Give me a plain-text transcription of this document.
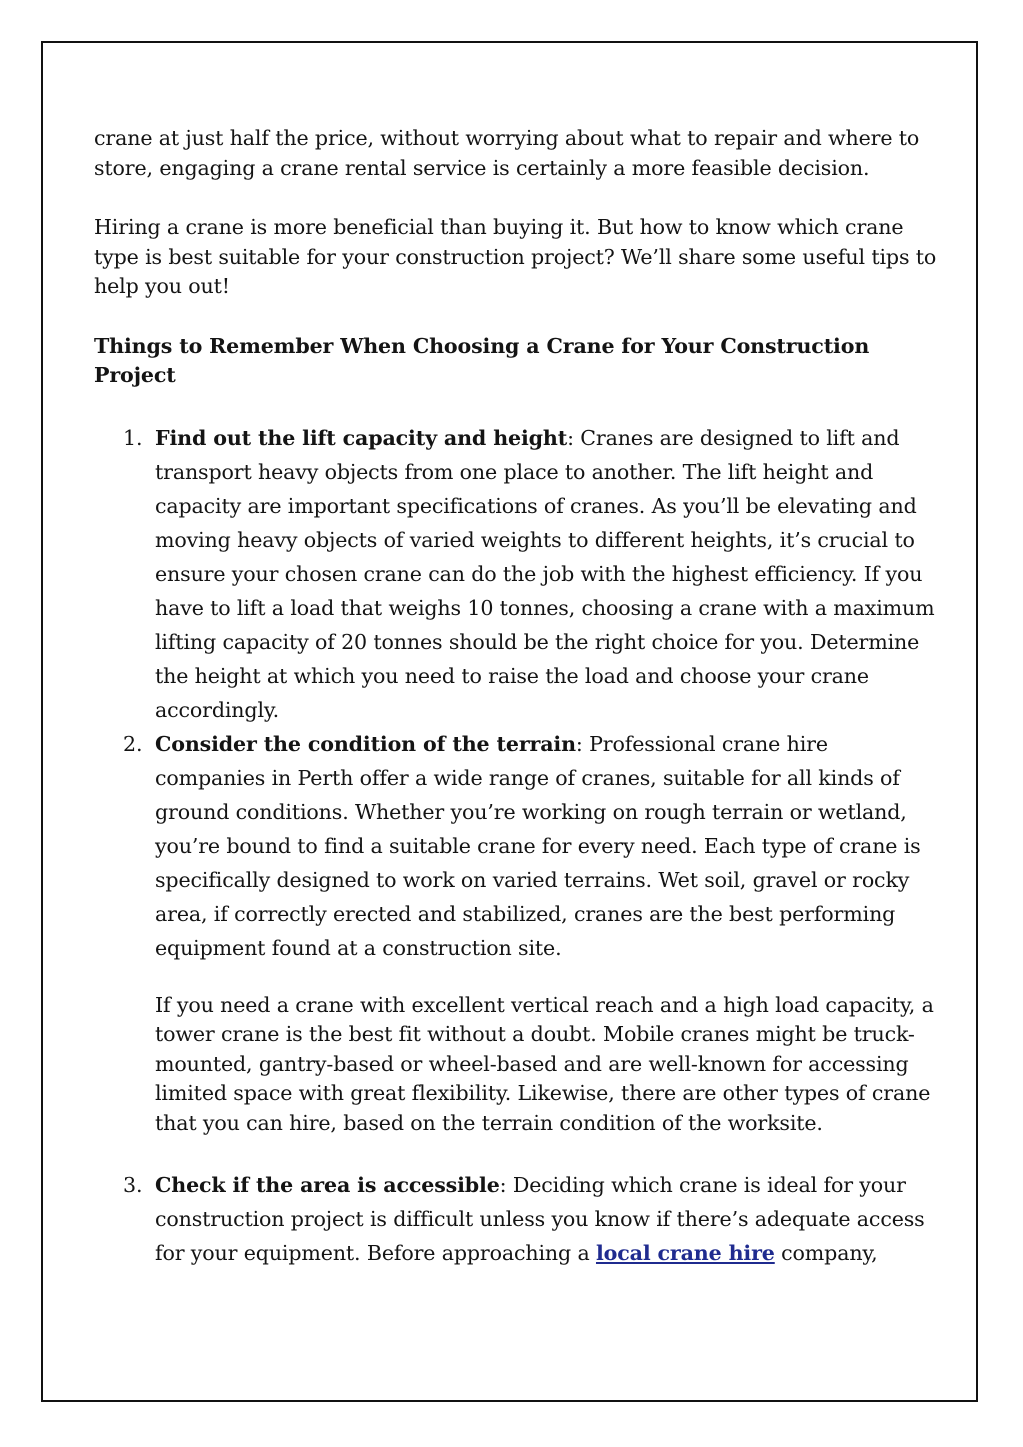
crane at just half the price, without worrying about what to repair and where to store, engaging a crane rental service is certainly a more feasible decision.

Hiring a crane is more beneficial than buying it. But how to know which crane type is best suitable for your construction project? We’ll share some useful tips to help you out!

Things to Remember When Choosing a Crane for Your Construction Project

1. Find out the lift capacity and height: Cranes are designed to lift and transport heavy objects from one place to another. The lift height and capacity are important specifications of cranes. As you’ll be elevating and moving heavy objects of varied weights to different heights, it’s crucial to ensure your chosen crane can do the job with the highest efficiency. If you have to lift a load that weighs 10 tonnes, choosing a crane with a maximum lifting capacity of 20 tonnes should be the right choice for you. Determine the height at which you need to raise the load and choose your crane accordingly.
2. Consider the condition of the terrain: Professional crane hire companies in Perth offer a wide range of cranes, suitable for all kinds of ground conditions. Whether you’re working on rough terrain or wetland, you’re bound to find a suitable crane for every need. Each type of crane is specifically designed to work on varied terrains. Wet soil, gravel or rocky area, if correctly erected and stabilized, cranes are the best performing equipment found at a construction site.

If you need a crane with excellent vertical reach and a high load capacity, a tower crane is the best fit without a doubt. Mobile cranes might be truck-mounted, gantry-based or wheel-based and are well-known for accessing limited space with great flexibility. Likewise, there are other types of crane that you can hire, based on the terrain condition of the worksite.

3. Check if the area is accessible: Deciding which crane is ideal for your construction project is difficult unless you know if there’s adequate access for your equipment. Before approaching a local crane hire company,
